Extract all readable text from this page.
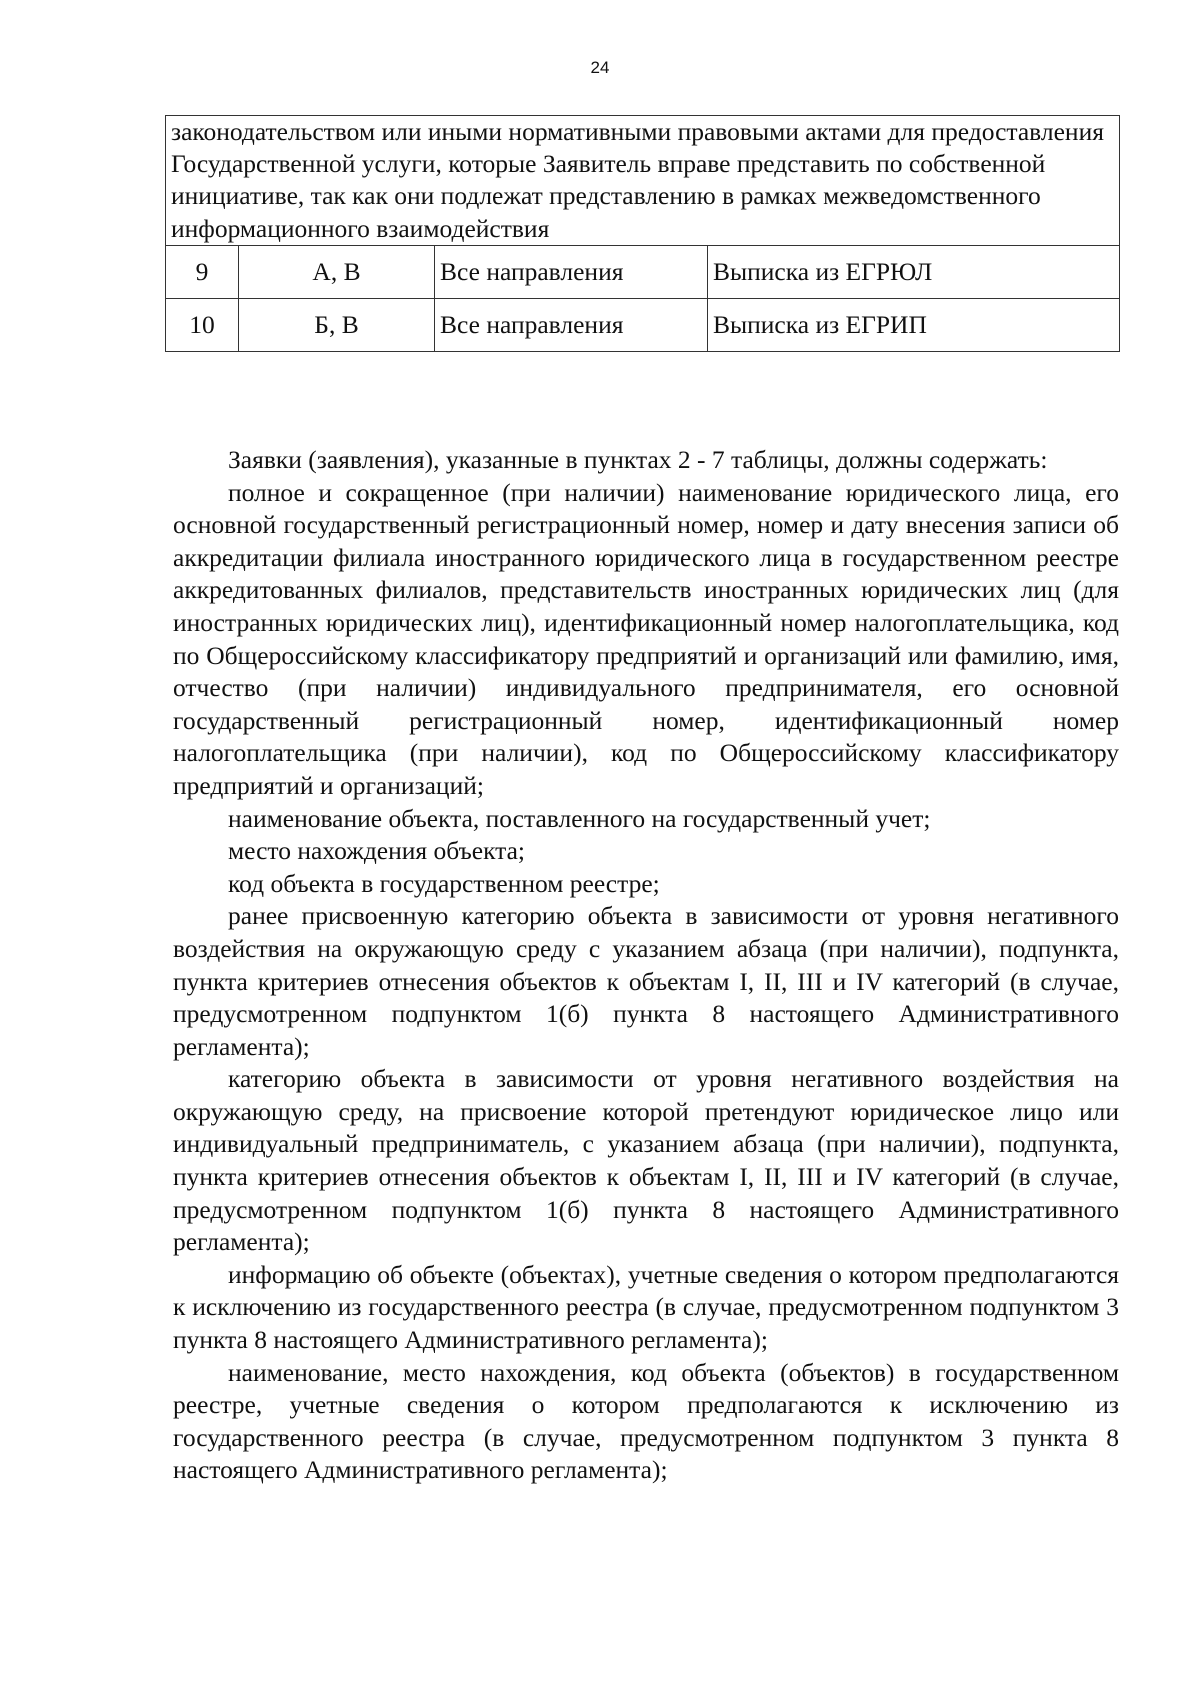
24
законодательством или иными нормативными правовыми актами для предоставления Государственной услуги, которые Заявитель вправе представить по собственной инициативе, так как они подлежат представлению в рамках межведомственного информационного взаимодействия			
9	А, В	Все направления	Выписка из ЕГРЮЛ
10	Б, В	Все направления	Выписка из ЕГРИП

Заявки (заявления), указанные в пунктах 2 - 7 таблицы, должны содержать:

полное и сокращенное (при наличии) наименование юридического лица, его основной государственный регистрационный номер, номер и дату внесения записи об аккредитации филиала иностранного юридического лица в государственном реестре аккредитованных филиалов, представительств иностранных юридических лиц (для иностранных юридических лиц), идентификационный номер налогоплательщика, код по Общероссийскому классификатору предприятий и организаций или фамилию, имя, отчество (при наличии) индивидуального предпринимателя, его основной государственный регистрационный номер, идентификационный номер налогоплательщика (при наличии), код по Общероссийскому классификатору предприятий и организаций;

наименование объекта, поставленного на государственный учет;

место нахождения объекта;

код объекта в государственном реестре;

ранее присвоенную категорию объекта в зависимости от уровня негативного воздействия на окружающую среду с указанием абзаца (при наличии), подпункта, пункта критериев отнесения объектов к объектам I, II, III и IV категорий (в случае, предусмотренном подпунктом 1(б) пункта 8 настоящего Административного регламента);

категорию объекта в зависимости от уровня негативного воздействия на окружающую среду, на присвоение которой претендуют юридическое лицо или индивидуальный предприниматель, с указанием абзаца (при наличии), подпункта, пункта критериев отнесения объектов к объектам I, II, III и IV категорий (в случае, предусмотренном подпунктом 1(б) пункта 8 настоящего Административного регламента);

информацию об объекте (объектах), учетные сведения о котором предполагаются к исключению из государственного реестра (в случае, предусмотренном подпунктом 3 пункта 8 настоящего Административного регламента);

наименование, место нахождения, код объекта (объектов) в государственном реестре, учетные сведения о котором предполагаются к исключению из государственного реестра (в случае, предусмотренном подпунктом 3 пункта 8 настоящего Административного регламента);
